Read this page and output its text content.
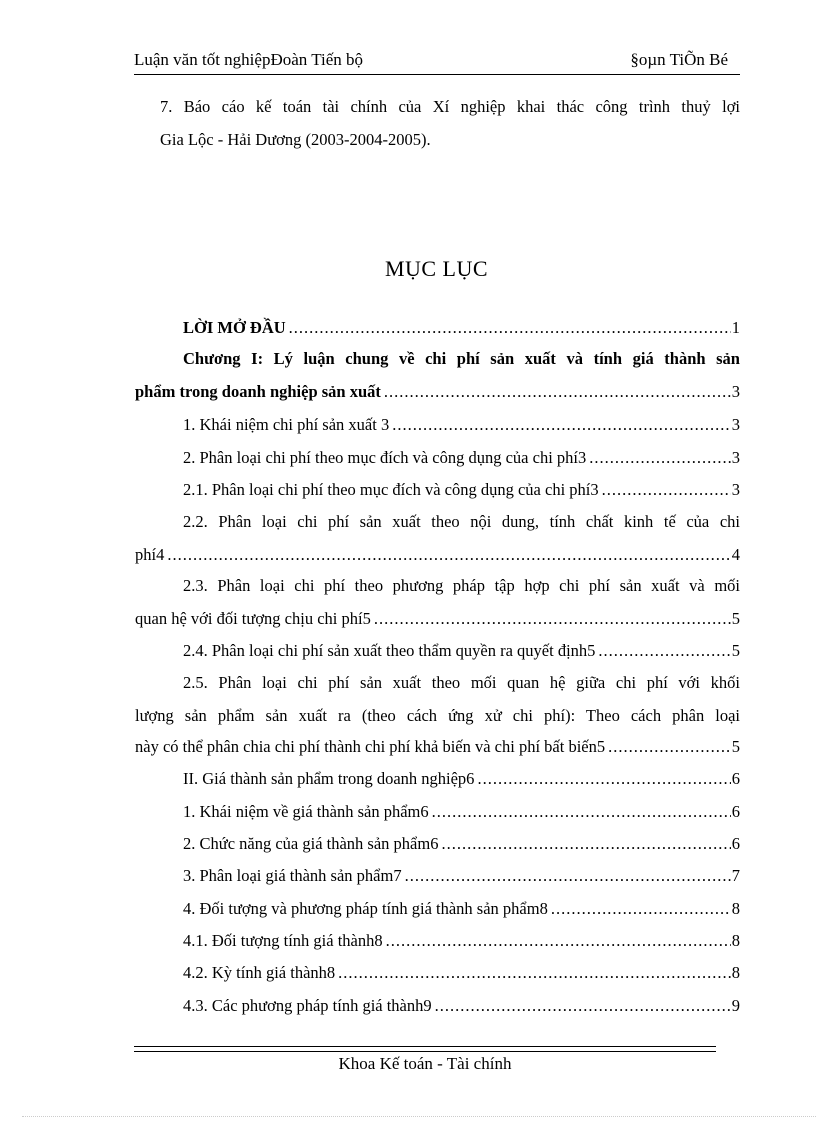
Luận văn tốt nghiệpĐoàn Tiến bộ	§oµn TiÕn Bé
7. Báo cáo kế toán tài chính của Xí nghiệp khai thác công trình thuỷ lợi
Gia Lộc - Hải Dương (2003-2004-2005).
MỤC LỤC
LỜI MỞ ĐẦU .....	1
Chương I: Lý luận chung về chi phí sản xuất và tính giá thành sản
phẩm trong doanh nghiệp sản xuất .....	3
1. Khái niệm chi phí sản xuất 3 .....	3
2. Phân loại chi phí theo mục đích và công dụng của chi phí3 .....	3
2.1. Phân loại chi phí theo mục đích và công dụng của chi phí3 .....	3
2.2. Phân loại chi phí sản xuất theo nội dung, tính chất kinh tế của chi
phí4 .....	4
2.3. Phân loại chi phí theo phương pháp tập hợp chi phí sản xuất và mối
quan hệ với đối tượng chịu chi phí5 .....	5
2.4. Phân loại chi phí sản xuất theo thẩm quyền ra quyết định5 .....	5
2.5. Phân loại chi phí sản xuất theo mối quan hệ giữa chi phí với khối
lượng sản phẩm sản xuất ra (theo cách ứng xử chi phí): Theo cách phân loại
này có thể phân chia chi phí thành chi phí khả biến và chi phí bất biến5 .....	5
II. Giá thành sản phẩm trong doanh nghiệp6 .....	6
1. Khái niệm về giá thành sản phẩm6 .....	6
2. Chức năng của giá thành sản phẩm6 .....	6
3. Phân loại giá thành sản phẩm7 .....	7
4. Đối tượng và phương pháp tính giá thành sản phẩm8 .....	8
4.1. Đối tượng tính giá thành8 .....	8
4.2. Kỳ tính giá thành8 .....	8
4.3. Các phương pháp tính giá thành9 .....	9
Khoa Kế toán - Tài chính
